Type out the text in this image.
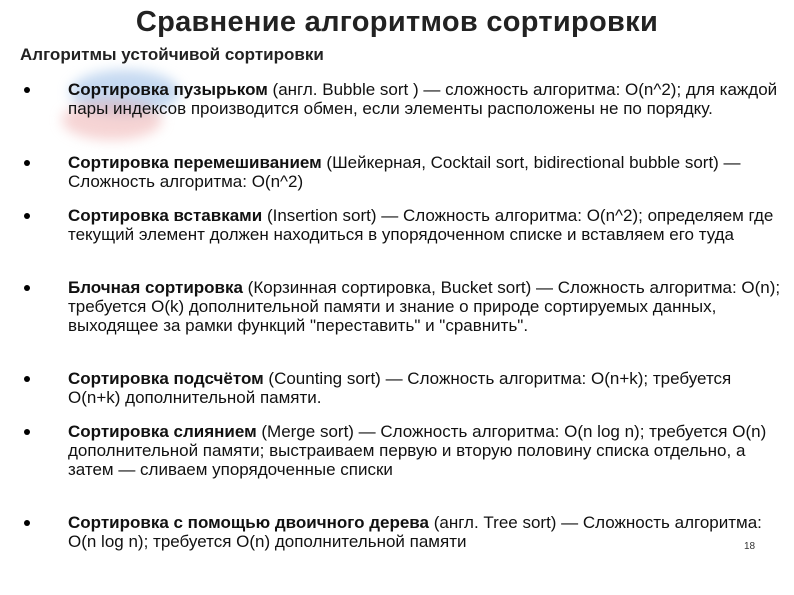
Сравнение алгоритмов сортировки
Алгоритмы устойчивой сортировки
Сортировка пузырьком (англ. Bubble sort ) — сложность алгоритма: O(n^2); для каждой пары индексов производится обмен, если элементы расположены не по порядку.
Сортировка перемешиванием (Шейкерная, Cocktail sort, bidirectional bubble sort) — Сложность алгоритма: O(n^2)
Сортировка вставками (Insertion sort) — Сложность алгоритма: O(n^2); определяем где текущий элемент должен находиться в упорядоченном списке и вставляем его туда
Блочная сортировка (Корзинная сортировка, Bucket sort) — Сложность алгоритма: O(n); требуется O(k) дополнительной памяти и знание о природе сортируемых данных, выходящее за рамки функций "переставить" и "сравнить".
Сортировка подсчётом (Counting sort) — Сложность алгоритма: O(n+k); требуется O(n+k) дополнительной памяти.
Сортировка слиянием (Merge sort) — Сложность алгоритма: O(n log n); требуется O(n) дополнительной памяти; выстраиваем первую и вторую половину списка отдельно, а затем — сливаем упорядоченные списки
Сортировка с помощью двоичного дерева (англ. Tree sort) — Сложность алгоритма: O(n log n); требуется O(n) дополнительной памяти	18
